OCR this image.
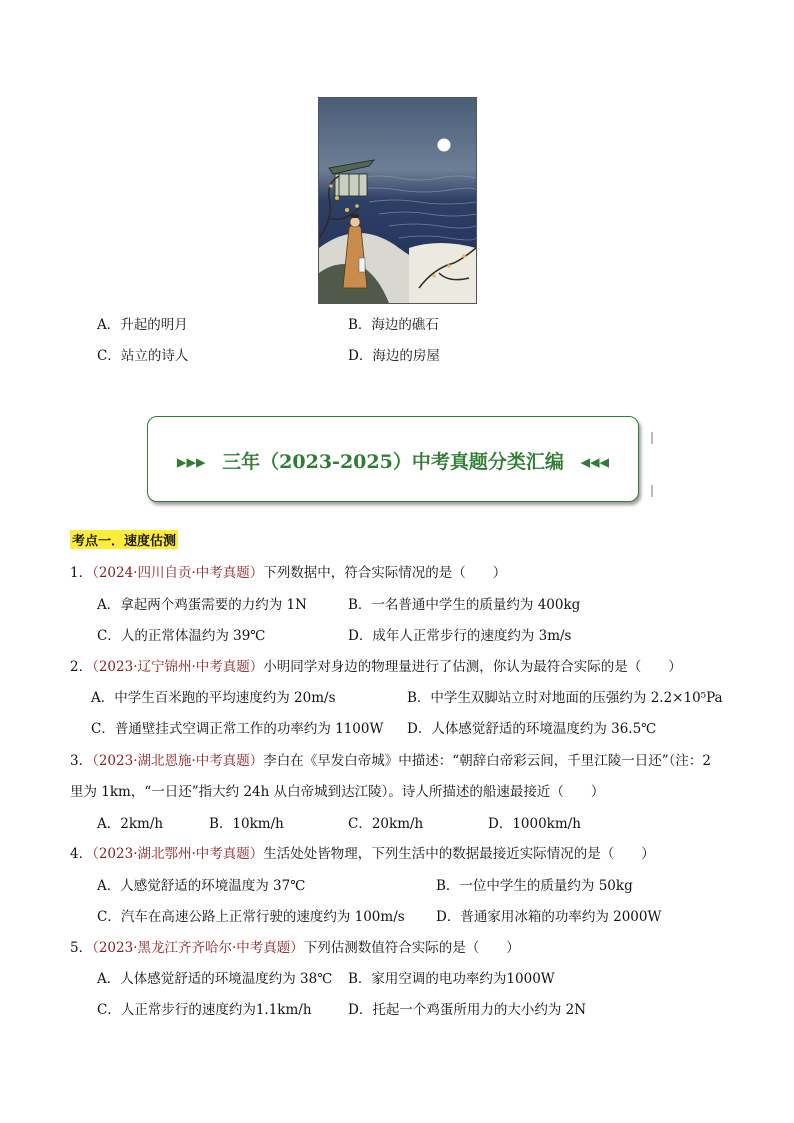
A．升起的明月	B．海边的礁石
C．站立的诗人	D．海边的房屋
▸▸▸ 三年（2023-2025）中考真题分类汇编 ◂◂◂
考点一．速度估测
1．（2024·四川自贡·中考真题）下列数据中，符合实际情况的是（　　）
A．拿起两个鸡蛋需要的力约为 1N	B．一名普通中学生的质量约为 400kg
C．人的正常体温约为 39℃	D．成年人正常步行的速度约为 3m/s
2．（2023·辽宁锦州·中考真题）小明同学对身边的物理量进行了估测，你认为最符合实际的是（　　）
A．中学生百米跑的平均速度约为 20m/s	B．中学生双脚站立时对地面的压强约为 2.2×10⁵Pa
C．普通壁挂式空调正常工作的功率约为 1100W D．人体感觉舒适的环境温度约为 36.5℃
3．（2023·湖北恩施·中考真题）李白在《早发白帝城》中描述：“朝辞白帝彩云间，千里江陵一日还”（注：2
里为 1km，“一日还”指大约 24h 从白帝城到达江陵）。诗人所描述的船速最接近（　　）
A．2km/h	B．10km/h	C．20km/h	D．1000km/h
4．（2023·湖北鄂州·中考真题）生活处处皆物理，下列生活中的数据最接近实际情况的是（　　）
A．人感觉舒适的环境温度为 37℃	B．一位中学生的质量约为 50kg
C．汽车在高速公路上正常行驶的速度约为 100m/s D．普通家用冰箱的功率约为 2000W
5．（2023·黑龙江齐齐哈尔·中考真题）下列估测数值符合实际的是（　　）
A．人体感觉舒适的环境温度约为 38℃ B．家用空调的电功率约为1000W
C．人正常步行的速度约为1.1km/h	D．托起一个鸡蛋所用力的大小约为 2N
